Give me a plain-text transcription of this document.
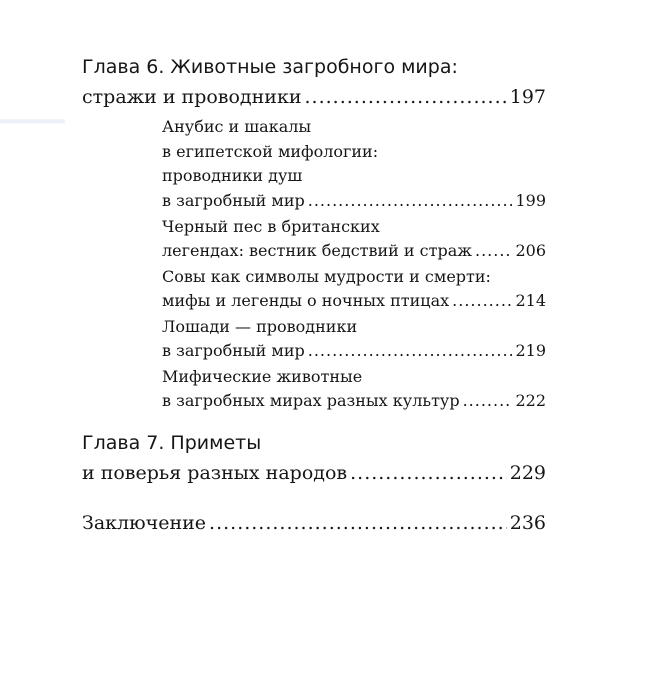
▂▂▂▂▂▂
Глава 6. Животные загробного мира:
стражи и проводники .....	197
Анубис и шакалы
в египетской мифологии:
проводники душ
в загробный мир .....	199
Черный пес в британских
легендах: вестник бедствий и страж .....	206
Совы как символы мудрости и смерти:
мифы и легенды о ночных птицах .....	214
Лошади — проводники
в загробный мир .....	219
Мифические животные
в загробных мирах разных культур .....	222
Глава 7. Приметы
и поверья разных народов .....	229
Заключение .....	236
